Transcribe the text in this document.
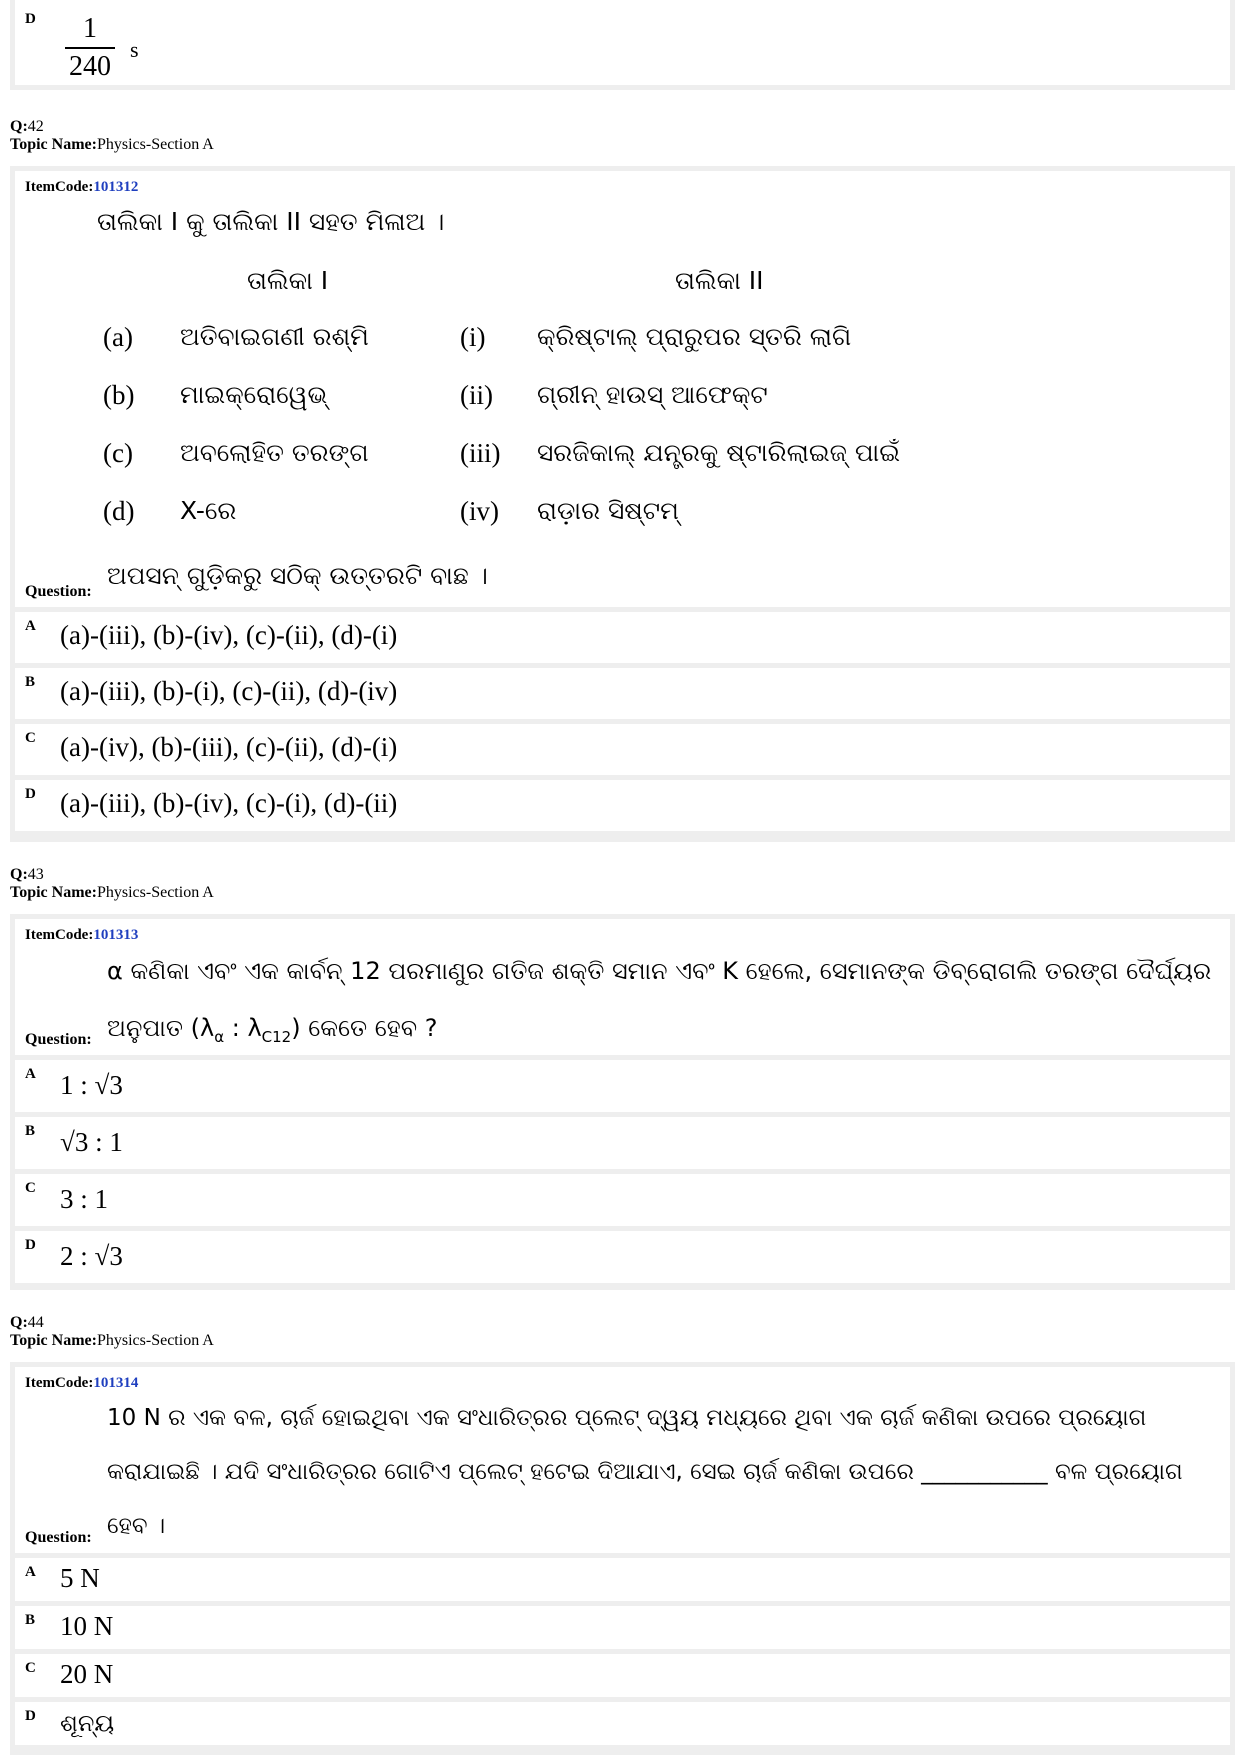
D	1
240
s
Q:42
Topic Name:Physics-Section A
ItemCode:101312
ତାଲିକା I କୁ ତାଲିକା II ସହତ ମିଳାଅ ।
ତାଲିକା I	ତାଲିକା II
(a) ଅତିବାଇଗଣୀ ରଶ୍ମି	(i) କ୍ରିଷ୍ଟାଲ୍ ପ୍ରାରୁପର ସ୍ତରି ଲାଗି
(b) ମାଇକ୍ରୋୱେଭ୍	(ii) ଗ୍ରୀନ୍ ହାଉସ୍ ଆଫେକ୍ଟ
(c) ଅବଲୋହିତ ତରଙ୍ଗ	(iii) ସରଜିକାଲ୍ ଯନ୍ତ୍ରକୁ ଷ୍ଟାରିଲାଇଜ୍ ପାଇଁ
(d) X-ରେ	(iv) ରାଡ଼ାର ସିଷ୍ଟମ୍
Question:
ଅପସନ୍ ଗୁଡ଼ିକରୁ ସଠିକ୍ ଉତ୍ତରଟି ବାଛ ।
A (a)-(iii), (b)-(iv), (c)-(ii), (d)-(i)
B (a)-(iii), (b)-(i), (c)-(ii), (d)-(iv)
C (a)-(iv), (b)-(iii), (c)-(ii), (d)-(i)
D (a)-(iii), (b)-(iv), (c)-(i), (d)-(ii)
Q:43
Topic Name:Physics-Section A
ItemCode:101313
α କଣିକା ଏବଂ ଏକ କାର୍ବନ୍ 12 ପରମାଣୁର ଗତିଜ ଶକ୍ତି ସମାନ ଏବଂ K ହେଲେ, ସେମାନଙ୍କ ଡିବ୍ରୋଗଲି ତରଙ୍ଗ ଦୈର୍ଘ୍ୟର
Question: ଅନୁପାତ ($\lambda_\alpha$ : $\lambda_{C12}$) କେତେ ହେବ ?
A 1 : √3
B √3 : 1
C 3 : 1
D 2 : √3
Q:44
Topic Name:Physics-Section A
ItemCode:101314
10 N ର ଏକ ବଳ, ଚାର୍ଜ ହୋଇଥିବା ଏକ ସଂଧାରିତ୍ରର ପ୍ଲେଟ୍ ଦ୍ୱୟ ମଧ୍ୟରେ ଥିବା ଏକ ଚାର୍ଜ କଣିକା ଉପରେ ପ୍ରୟୋଗ
କରାଯାଇଛି । ଯଦି ସଂଧାରିତ୍ରର ଗୋଟିଏ ପ୍ଲେଟ୍ ହଟେଇ ଦିଆଯାଏ, ସେଇ ଚାର୍ଜ କଣିକା ଉପରେ ___________ ବଳ ପ୍ରୟୋଗ
Question: ହେବ ।
A 5 N
B 10 N
C 20 N
D ଶୂନ୍ୟ
